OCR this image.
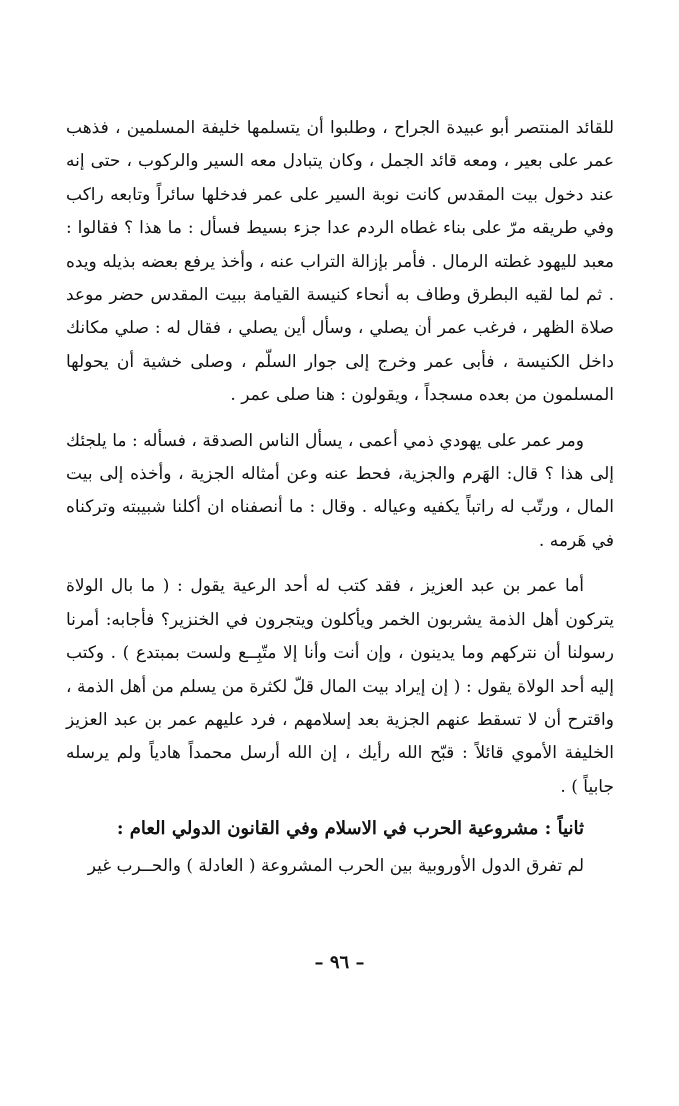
للقائد المنتصر أبو عبيدة الجراح ، وطلبوا أن يتسلمها خليفة المسلمين ، فذهب عمر على بعير ، ومعه قائد الجمل ، وكان يتبادل معه السير والركوب ، حتى إنه عند دخول بيت المقدس كانت نوبة السير على عمر فدخلها سائراً وتابعه راكب وفي طريقه مرّ على بناء غطاه الردم عدا جزء بسيط فسأل : ما هذا ؟ فقالوا : معبد لليهود غطته الرمال . فأمر بإزالة التراب عنه ، وأخذ يرفع بعضه بذيله ويده . ثم لما لقيه البطرق وطاف به أنحاء كنيسة القيامة ببيت المقدس حضر موعد صلاة الظهر ، فرغب عمر أن يصلي ، وسأل أين يصلي ، فقال له : صلي مكانك داخل الكنيسة ، فأبى عمر وخرج إلى جوار السلّم ، وصلى خشية أن يحولها المسلمون من بعده مسجداً ، ويقولون : هنا صلى عمر .

ومر عمر على يهودي ذمي أعمى ، يسأل الناس الصدقة ، فسأله : ما يلجئك إلى هذا ؟ قال: الهَرم والجزية، فحط عنه وعن أمثاله الجزية ، وأخذه إلى بيت المال ، ورتّب له راتباً يكفيه وعياله . وقال : ما أنصفناه ان أكلنا شبيبته وتركناه في هَرمه .

أما عمر بن عبد العزيز ، فقد كتب له أحد الرعية يقول : ( ما بال الولاة يتركون أهل الذمة يشربون الخمر ويأكلون ويتجرون في الخنزير؟ فأجابه: أمرنا رسولنا أن نتركهم وما يدينون ، وإن أنت وأنا إلا متّبِــع ولست بمبتدع ) . وكتب إليه أحد الولاة يقول : ( إن إيراد بيت المال قلّ لكثرة من يسلم من أهل الذمة ، واقترح أن لا تسقط عنهم الجزية بعد إسلامهم ، فرد عليهم عمر بن عبد العزيز الخليفة الأموي قائلاً : قبّح الله رأيك ، إن الله أرسل محمداً هادياً ولم يرسله جابياً ) .

ثانياً : مشروعية الحرب في الاسلام وفي القانون الدولي العام :

لم تفرق الدول الأوروبية بين الحرب المشروعة ( العادلة ) والحــرب غير

– ٩٦ –
